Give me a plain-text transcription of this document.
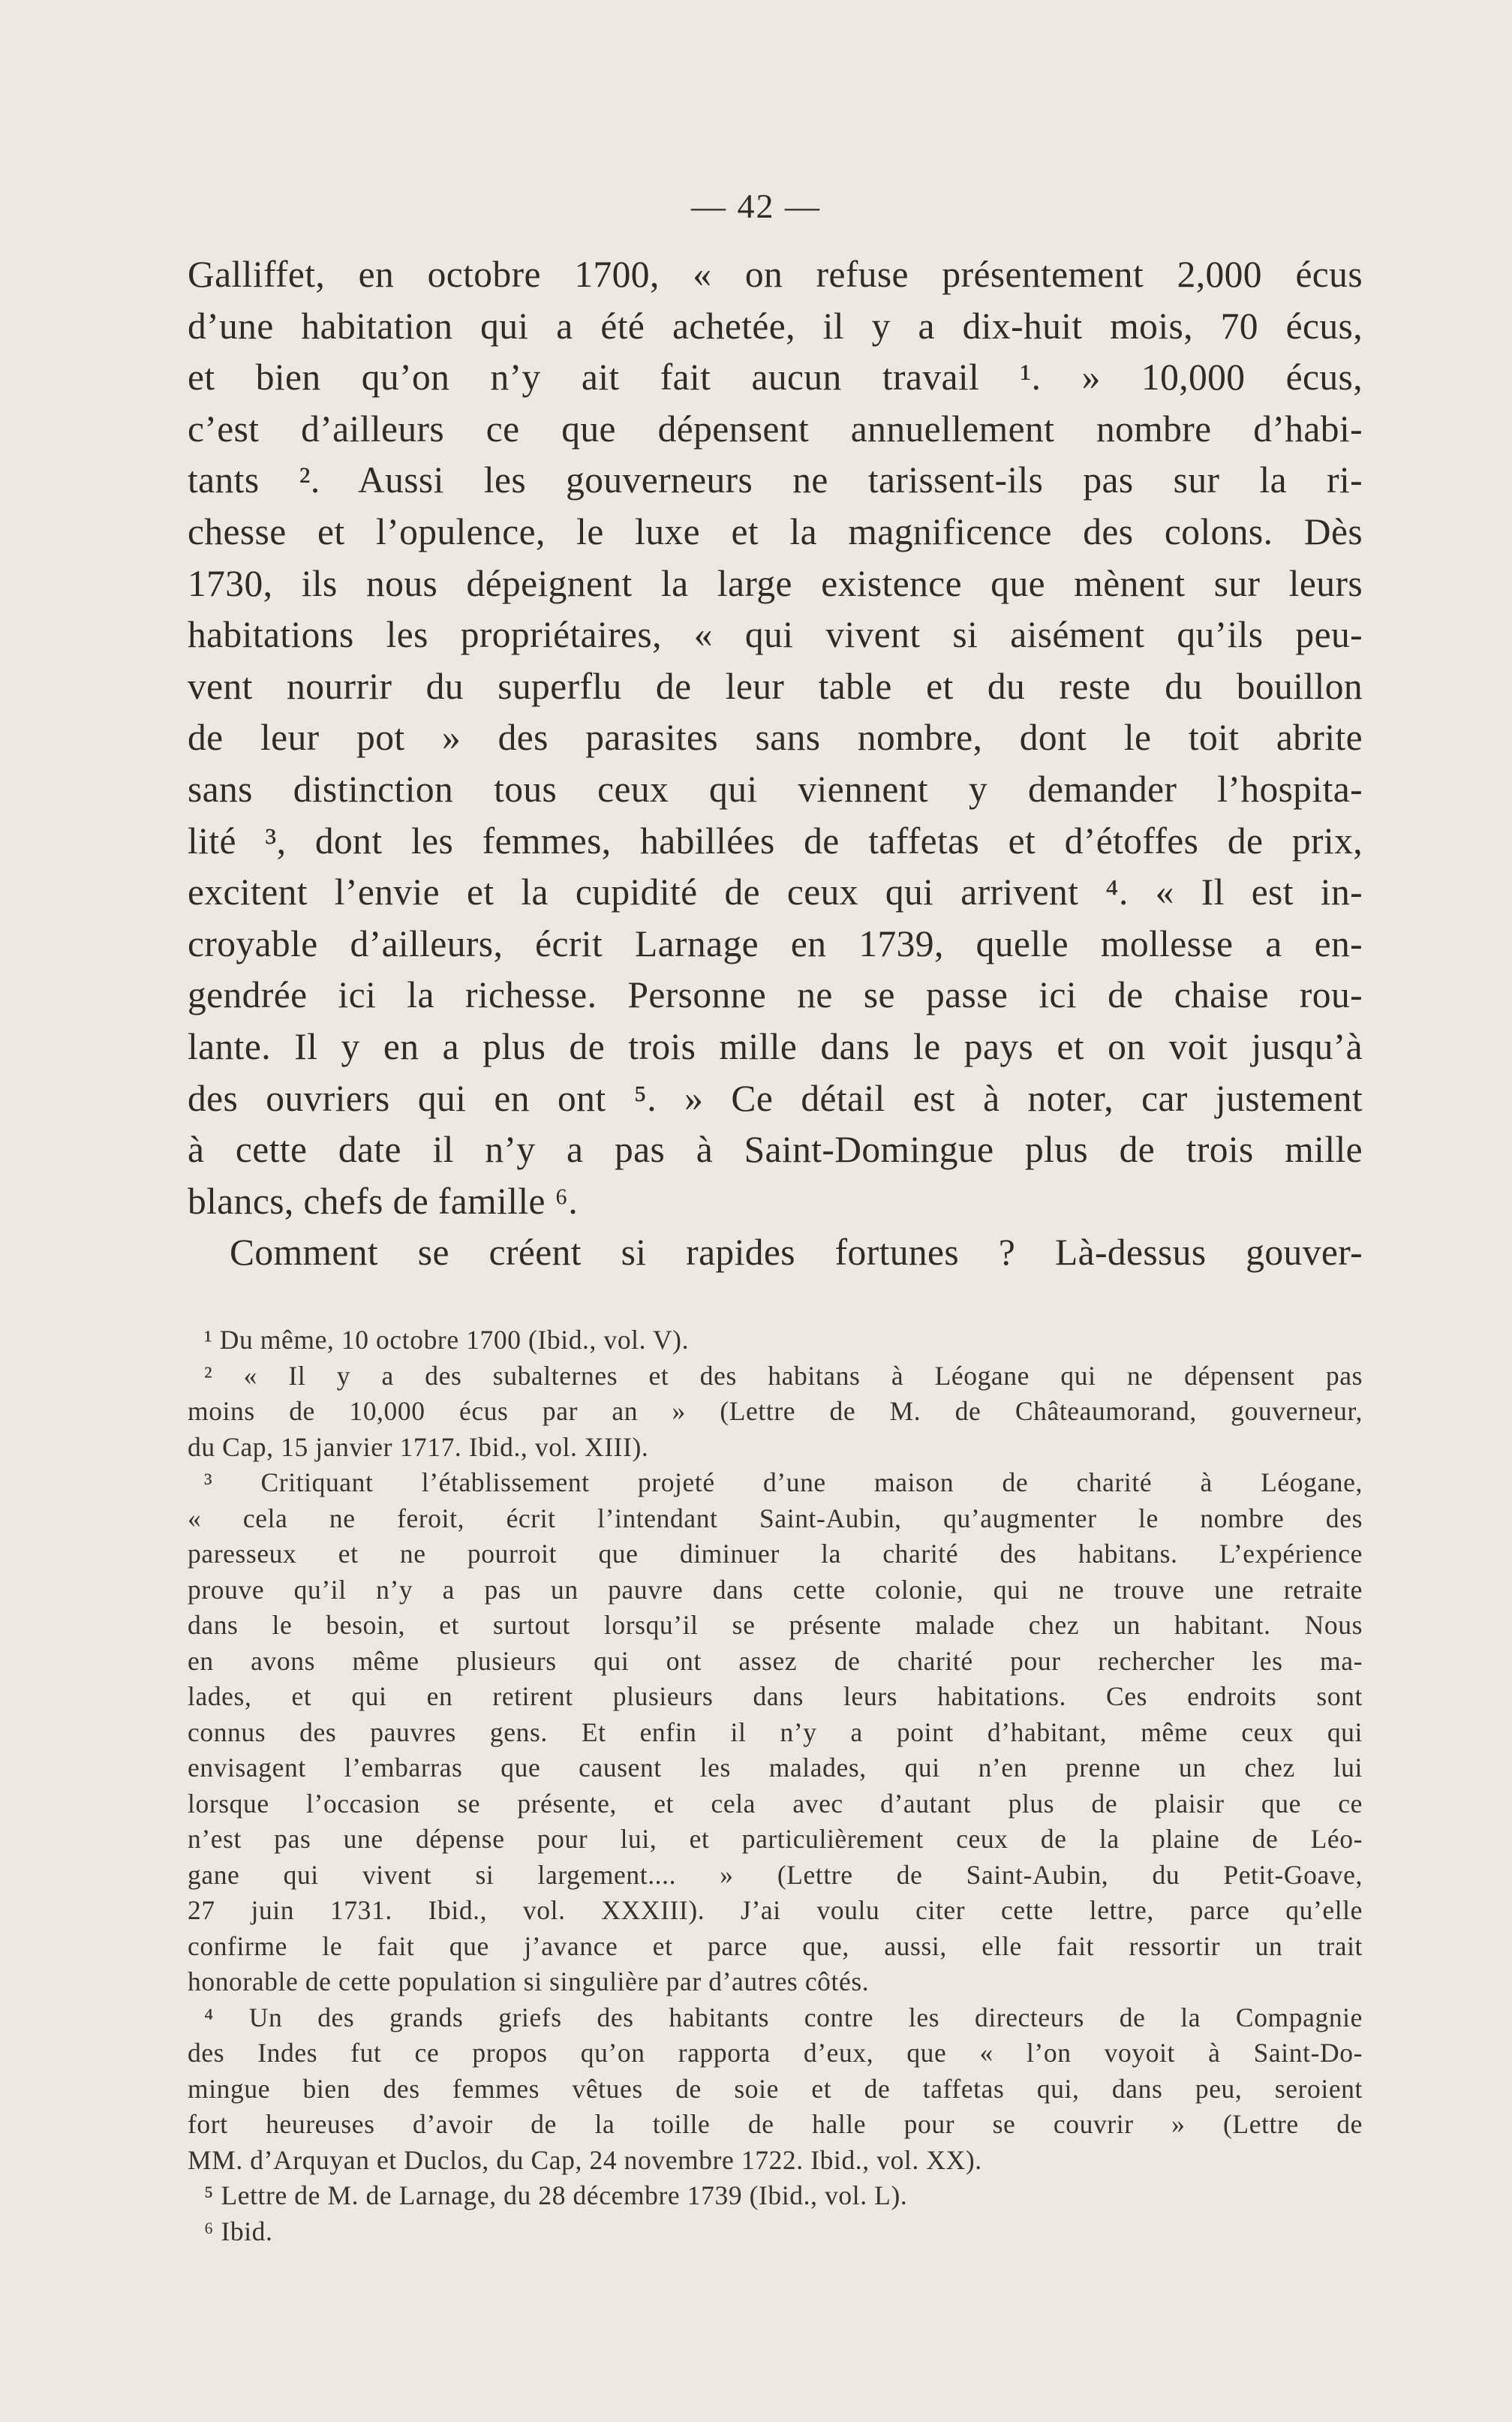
— 42 —
Galliffet, en octobre 1700, « on refuse présentement 2,000 écus
d’une habitation qui a été achetée, il y a dix-huit mois, 70 écus,
et bien qu’on n’y ait fait aucun travail ¹. » 10,000 écus,
c’est d’ailleurs ce que dépensent annuellement nombre d’habi-
tants ². Aussi les gouverneurs ne tarissent-ils pas sur la ri-
chesse et l’opulence, le luxe et la magnificence des colons. Dès
1730, ils nous dépeignent la large existence que mènent sur leurs
habitations les propriétaires, « qui vivent si aisément qu’ils peu-
vent nourrir du superflu de leur table et du reste du bouillon
de leur pot » des parasites sans nombre, dont le toit abrite
sans distinction tous ceux qui viennent y demander l’hospita-
lité ³, dont les femmes, habillées de taffetas et d’étoffes de prix,
excitent l’envie et la cupidité de ceux qui arrivent ⁴. « Il est in-
croyable d’ailleurs, écrit Larnage en 1739, quelle mollesse a en-
gendrée ici la richesse. Personne ne se passe ici de chaise rou-
lante. Il y en a plus de trois mille dans le pays et on voit jusqu’à
des ouvriers qui en ont ⁵. » Ce détail est à noter, car justement
à cette date il n’y a pas à Saint-Domingue plus de trois mille
blancs, chefs de famille ⁶.
Comment se créent si rapides fortunes ? Là-dessus gouver-
¹ Du même, 10 octobre 1700 (Ibid., vol. V).
² « Il y a des subalternes et des habitans à Léogane qui ne dépensent pas
moins de 10,000 écus par an » (Lettre de M. de Châteaumorand, gouverneur,
du Cap, 15 janvier 1717. Ibid., vol. XIII).
³ Critiquant l’établissement projeté d’une maison de charité à Léogane,
« cela ne feroit, écrit l’intendant Saint-Aubin, qu’augmenter le nombre des
paresseux et ne pourroit que diminuer la charité des habitans. L’expérience
prouve qu’il n’y a pas un pauvre dans cette colonie, qui ne trouve une retraite
dans le besoin, et surtout lorsqu’il se présente malade chez un habitant. Nous
en avons même plusieurs qui ont assez de charité pour rechercher les ma-
lades, et qui en retirent plusieurs dans leurs habitations. Ces endroits sont
connus des pauvres gens. Et enfin il n’y a point d’habitant, même ceux qui
envisagent l’embarras que causent les malades, qui n’en prenne un chez lui
lorsque l’occasion se présente, et cela avec d’autant plus de plaisir que ce
n’est pas une dépense pour lui, et particulièrement ceux de la plaine de Léo-
gane qui vivent si largement.... » (Lettre de Saint-Aubin, du Petit-Goave,
27 juin 1731. Ibid., vol. XXXIII). J’ai voulu citer cette lettre, parce qu’elle
confirme le fait que j’avance et parce que, aussi, elle fait ressortir un trait
honorable de cette population si singulière par d’autres côtés.
⁴ Un des grands griefs des habitants contre les directeurs de la Compagnie
des Indes fut ce propos qu’on rapporta d’eux, que « l’on voyoit à Saint-Do-
mingue bien des femmes vêtues de soie et de taffetas qui, dans peu, seroient
fort heureuses d’avoir de la toille de halle pour se couvrir » (Lettre de
MM. d’Arquyan et Duclos, du Cap, 24 novembre 1722. Ibid., vol. XX).
⁵ Lettre de M. de Larnage, du 28 décembre 1739 (Ibid., vol. L).
⁶ Ibid.
